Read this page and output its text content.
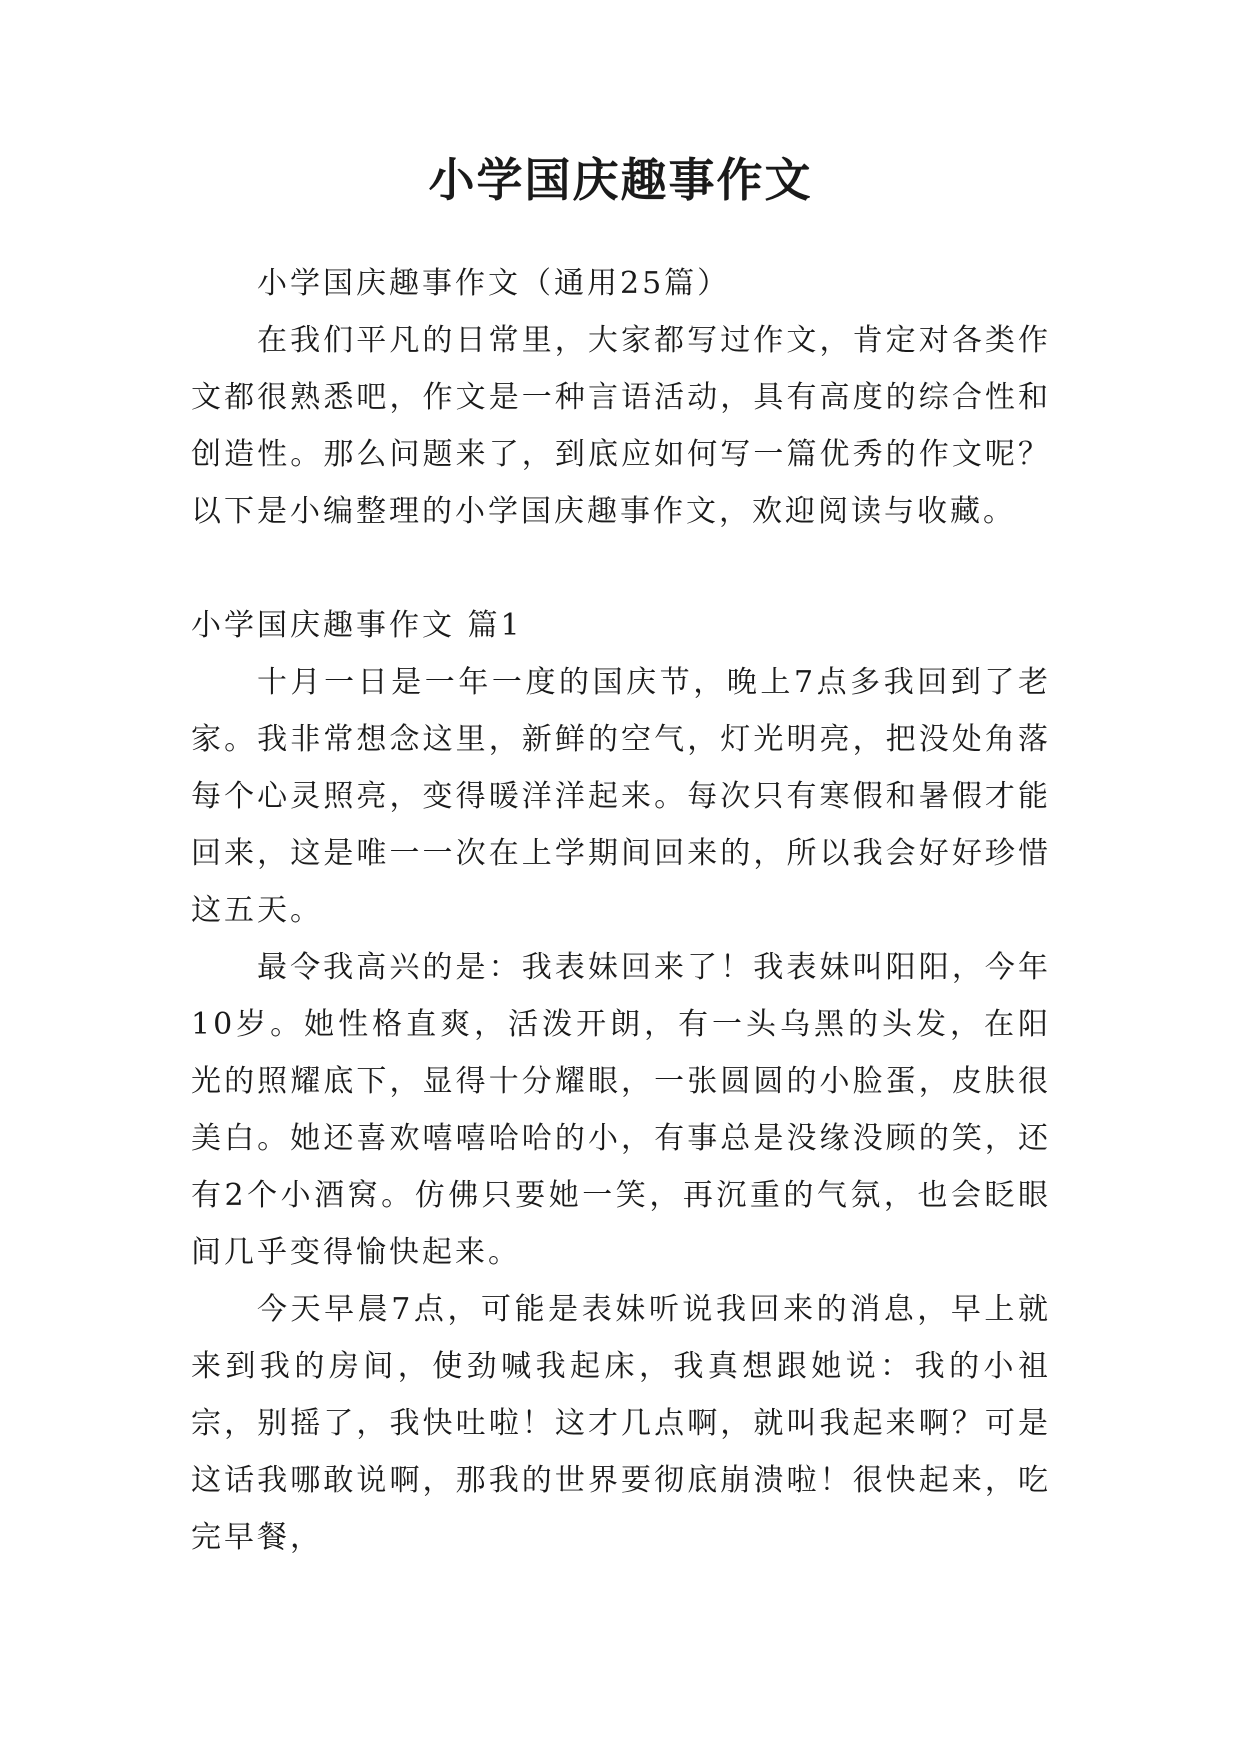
小学国庆趣事作文

小学国庆趣事作文（通用25篇）

在我们平凡的日常里，大家都写过作文，肯定对各类作文都很熟悉吧，作文是一种言语活动，具有高度的综合性和创造性。那么问题来了，到底应如何写一篇优秀的作文呢？以下是小编整理的小学国庆趣事作文，欢迎阅读与收藏。

小学国庆趣事作文 篇1

十月一日是一年一度的国庆节，晚上7点多我回到了老家。我非常想念这里，新鲜的空气，灯光明亮，把没处角落每个心灵照亮，变得暖洋洋起来。每次只有寒假和暑假才能回来，这是唯一一次在上学期间回来的，所以我会好好珍惜这五天。

最令我高兴的是：我表妹回来了！我表妹叫阳阳，今年10岁。她性格直爽，活泼开朗，有一头乌黑的头发，在阳光的照耀底下，显得十分耀眼，一张圆圆的小脸蛋，皮肤很美白。她还喜欢嘻嘻哈哈的小，有事总是没缘没顾的笑，还有2个小酒窝。仿佛只要她一笑，再沉重的气氛，也会眨眼间几乎变得愉快起来。

今天早晨7点，可能是表妹听说我回来的消息，早上就来到我的房间，使劲喊我起床，我真想跟她说：我的小祖宗，别摇了，我快吐啦！这才几点啊，就叫我起来啊？可是这话我哪敢说啊，那我的世界要彻底崩溃啦！很快起来，吃完早餐，
